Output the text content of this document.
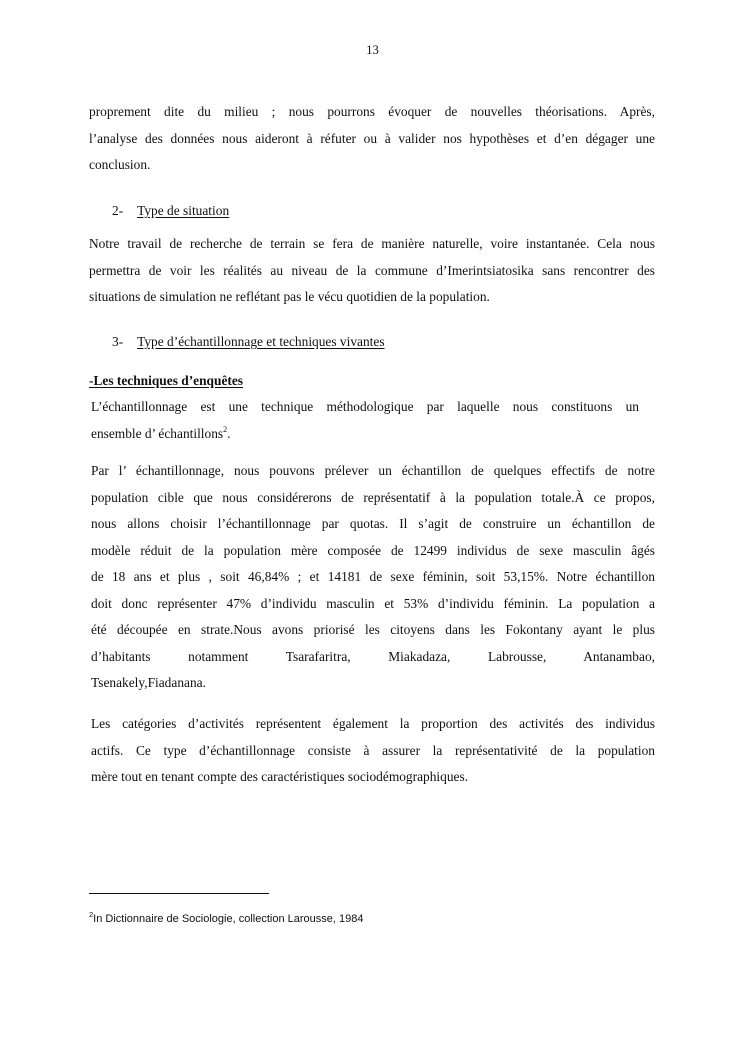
13

proprement dite du milieu ; nous pourrons évoquer de nouvelles théorisations. Après,
l’analyse des données nous aideront à réfuter ou à valider nos hypothèses et d’en dégager une
conclusion.

2- Type de situation

Notre travail de recherche de terrain se fera de manière naturelle, voire instantanée. Cela nous
permettra de voir les réalités au niveau de la commune d’Imerintsiatosika sans rencontrer des
situations de simulation ne reflétant pas le vécu quotidien de la population.

3- Type d’échantillonnage et techniques vivantes
-Les techniques d’enquêtes

L’échantillonnage est une technique méthodologique par laquelle nous constituons un
ensemble d’ échantillons$^2$.

Par l’ échantillonnage, nous pouvons prélever un échantillon de quelques effectifs de notre
population cible que nous considérerons de représentatif à la population totale.À ce propos,
nous allons choisir l’échantillonnage par quotas. Il s’agit de construire un échantillon de
modèle réduit de la population mère composée de 12499 individus de sexe masculin âgés
de 18 ans et plus , soit 46,84% ; et 14181 de sexe féminin, soit 53,15%. Notre échantillon
doit donc représenter 47% d’individu masculin et 53% d’individu féminin. La population a
été découpée en strate.Nous avons priorisé les citoyens dans les Fokontany ayant le plus
d’habitants notamment Tsarafaritra, Miakadaza, Labrousse, Antanambao,
Tsenakely,Fiadanana.

Les catégories d’activités représentent également la proportion des activités des individus
actifs. Ce type d’échantillonnage consiste à assurer la représentativité de la population
mère tout en tenant compte des caractéristiques sociodémographiques.

$^2$In Dictionnaire de Sociologie, collection Larousse, 1984
